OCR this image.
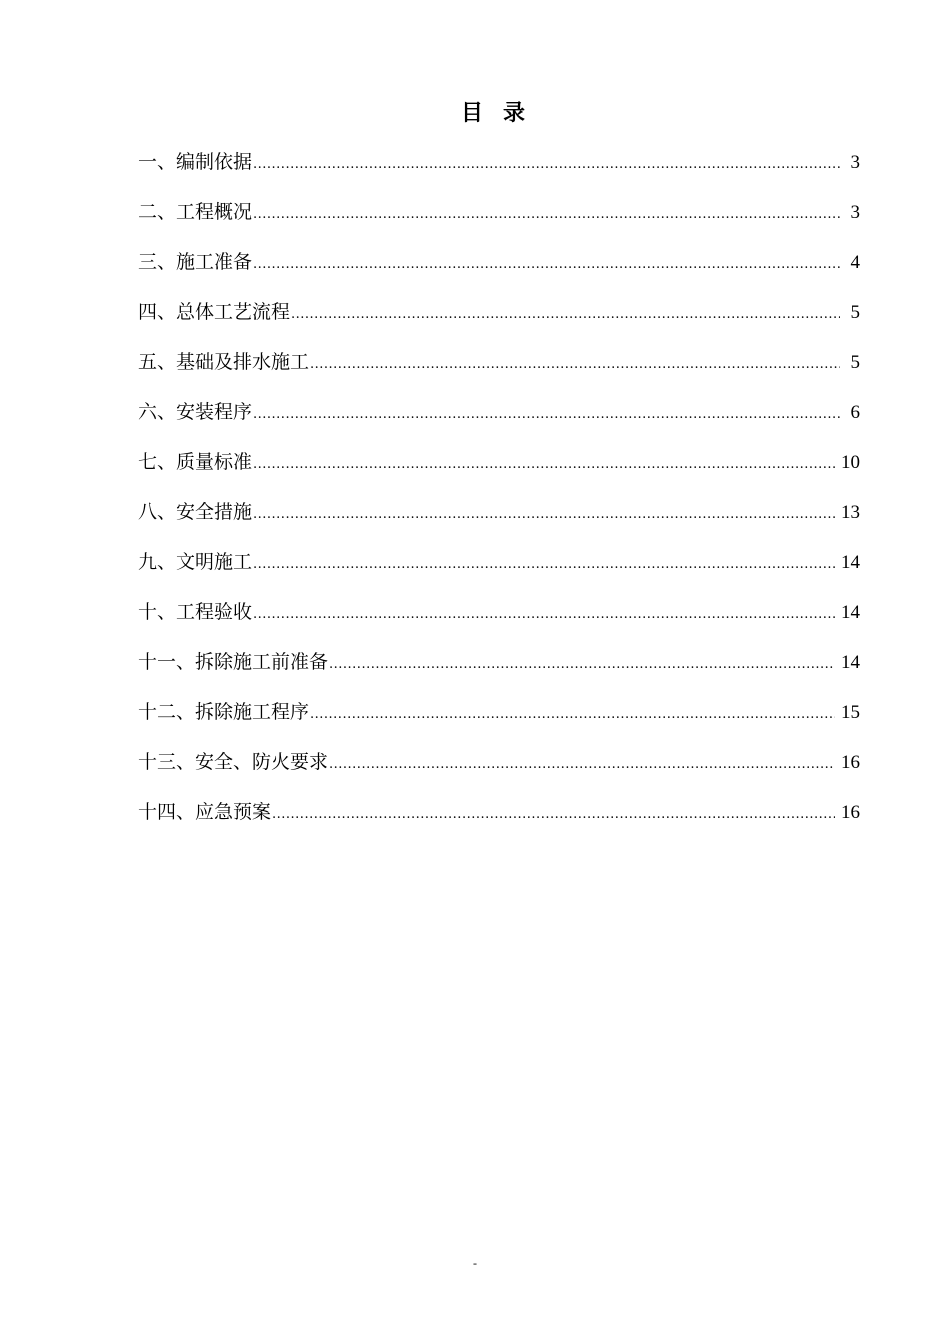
目录
一、编制依据 .....	3
二、工程概况 .....	3
三、施工准备 .....	4
四、总体工艺流程 .....	5
五、基础及排水施工 .....	5
六、安装程序 .....	6
七、质量标准 .....	10
八、安全措施 .....	13
九、文明施工 .....	14
十、工程验收 .....	14
十一、拆除施工前准备 .....	14
十二、拆除施工程序 .....	15
十三、安全、防火要求 .....	16
十四、应急预案 .....	16
-
